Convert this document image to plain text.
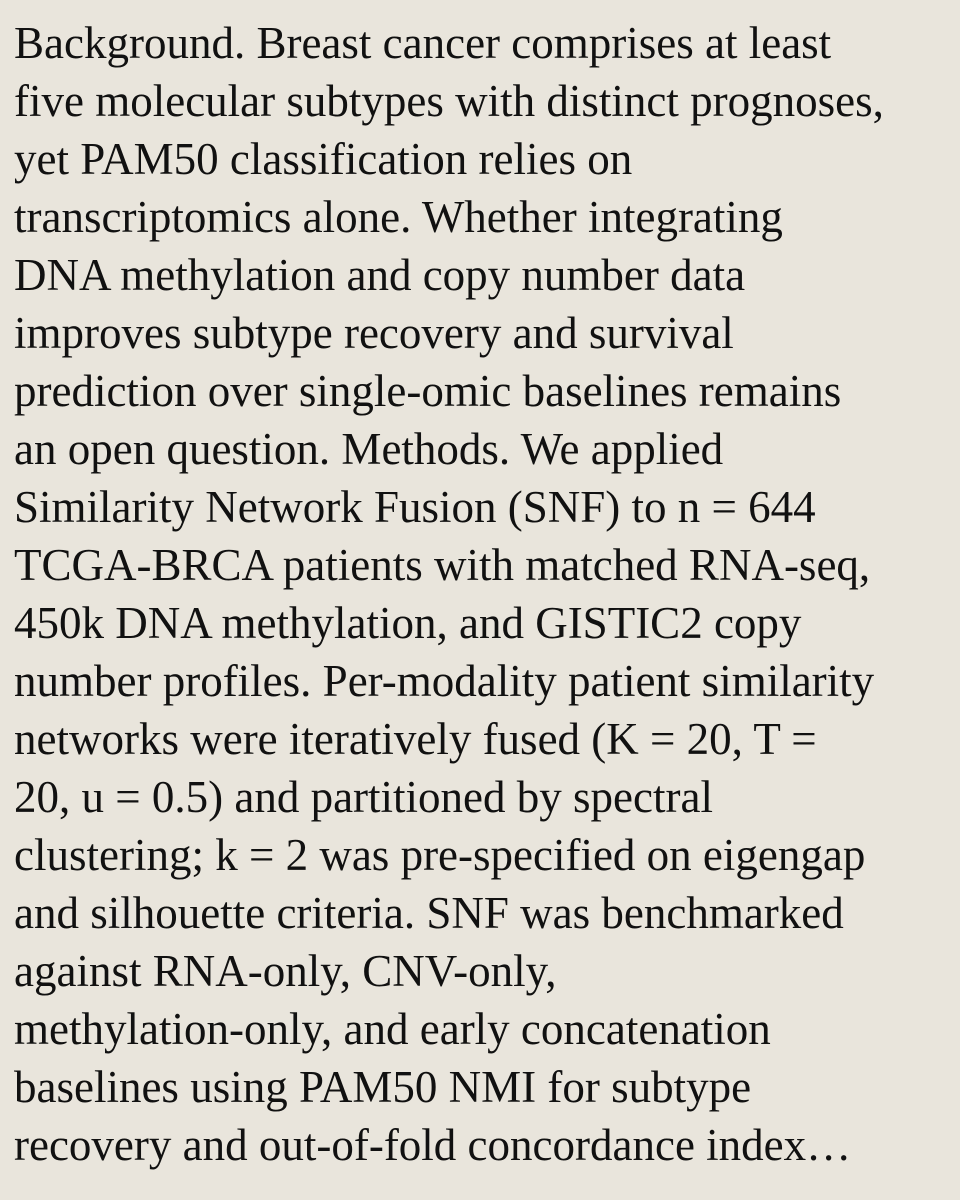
Background. Breast cancer comprises at least
five molecular subtypes with distinct prognoses,
yet PAM50 classification relies on
transcriptomics alone. Whether integrating
DNA methylation and copy number data
improves subtype recovery and survival
prediction over single-omic baselines remains
an open question. Methods. We applied
Similarity Network Fusion (SNF) to n = 644
TCGA-BRCA patients with matched RNA-seq,
450k DNA methylation, and GISTIC2 copy
number profiles. Per-modality patient similarity
networks were iteratively fused (K = 20, T =
20, u = 0.5) and partitioned by spectral
clustering; k = 2 was pre-specified on eigengap
and silhouette criteria. SNF was benchmarked
against RNA-only, CNV-only,
methylation-only, and early concatenation
baselines using PAM50 NMI for subtype
recovery and out-of-fold concordance index…
